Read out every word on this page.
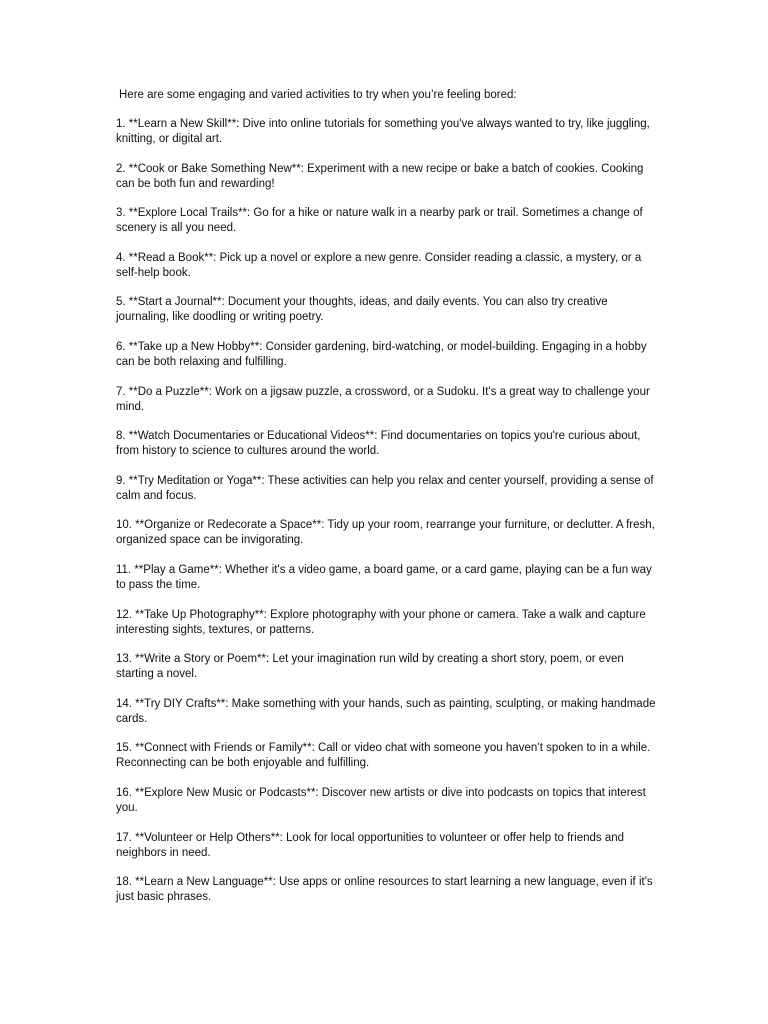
Here are some engaging and varied activities to try when you’re feeling bored:

1. **Learn a New Skill**: Dive into online tutorials for something you've always wanted to try, like juggling, knitting, or digital art.

2. **Cook or Bake Something New**: Experiment with a new recipe or bake a batch of cookies. Cooking can be both fun and rewarding!

3. **Explore Local Trails**: Go for a hike or nature walk in a nearby park or trail. Sometimes a change of scenery is all you need.

4. **Read a Book**: Pick up a novel or explore a new genre. Consider reading a classic, a mystery, or a self-help book.

5. **Start a Journal**: Document your thoughts, ideas, and daily events. You can also try creative journaling, like doodling or writing poetry.

6. **Take up a New Hobby**: Consider gardening, bird-watching, or model-building. Engaging in a hobby can be both relaxing and fulfilling.

7. **Do a Puzzle**: Work on a jigsaw puzzle, a crossword, or a Sudoku. It's a great way to challenge your mind.

8. **Watch Documentaries or Educational Videos**: Find documentaries on topics you're curious about, from history to science to cultures around the world.

9. **Try Meditation or Yoga**: These activities can help you relax and center yourself, providing a sense of calm and focus.

10. **Organize or Redecorate a Space**: Tidy up your room, rearrange your furniture, or declutter. A fresh, organized space can be invigorating.

11. **Play a Game**: Whether it's a video game, a board game, or a card game, playing can be a fun way to pass the time.

12. **Take Up Photography**: Explore photography with your phone or camera. Take a walk and capture interesting sights, textures, or patterns.

13. **Write a Story or Poem**: Let your imagination run wild by creating a short story, poem, or even starting a novel.

14. **Try DIY Crafts**: Make something with your hands, such as painting, sculpting, or making handmade cards.

15. **Connect with Friends or Family**: Call or video chat with someone you haven’t spoken to in a while. Reconnecting can be both enjoyable and fulfilling.

16. **Explore New Music or Podcasts**: Discover new artists or dive into podcasts on topics that interest you.

17. **Volunteer or Help Others**: Look for local opportunities to volunteer or offer help to friends and neighbors in need.

18. **Learn a New Language**: Use apps or online resources to start learning a new language, even if it's just basic phrases.
